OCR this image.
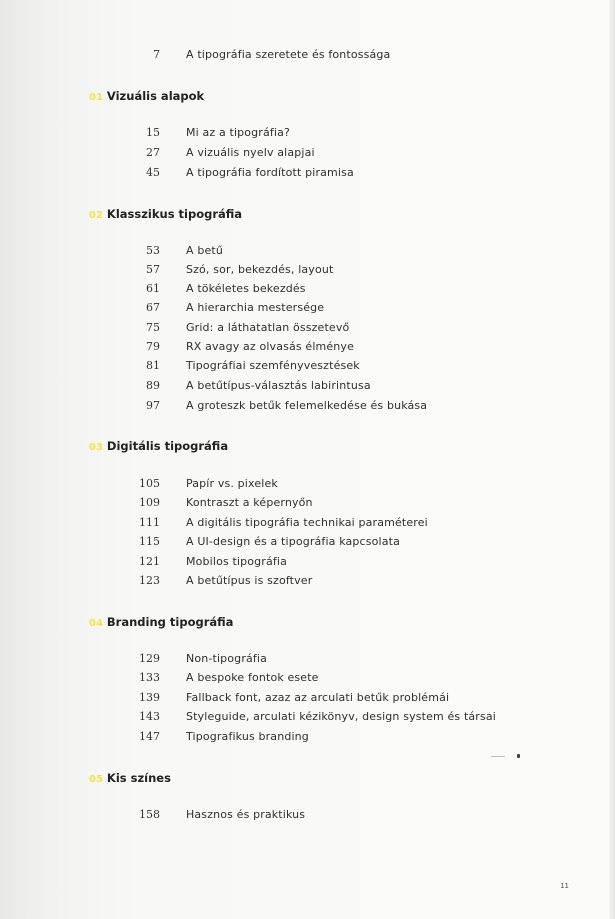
7 A tipográfia szeretete és fontossága
01 Vizuális alapok
15 Mi az a tipográfia?
27 A vizuális nyelv alapjai
45 A tipográfia fordított piramisa
02 Klasszikus tipográfia
53 A betű
57 Szó, sor, bekezdés, layout
61 A tökéletes bekezdés
67 A hierarchia mestersége
75 Grid: a láthatatlan összetevő
79 RX avagy az olvasás élménye
81 Tipográfiai szemfényvesztések
89 A betűtípus-választás labirintusa
97 A groteszk betűk felemelkedése és bukása
03 Digitális tipográfia
105 Papír vs. pixelek
109 Kontraszt a képernyőn
111 A digitális tipográfia technikai paraméterei
115 A UI-design és a tipográfia kapcsolata
121 Mobilos tipográfia
123 A betűtípus is szoftver
04 Branding tipográfia
129 Non-tipográfia
133 A bespoke fontok esete
139 Fallback font, azaz az arculati betűk problémái
143 Styleguide, arculati kézikönyv, design system és társai
147 Tipografikus branding
05 Kis színes
158 Hasznos és praktikus
11
